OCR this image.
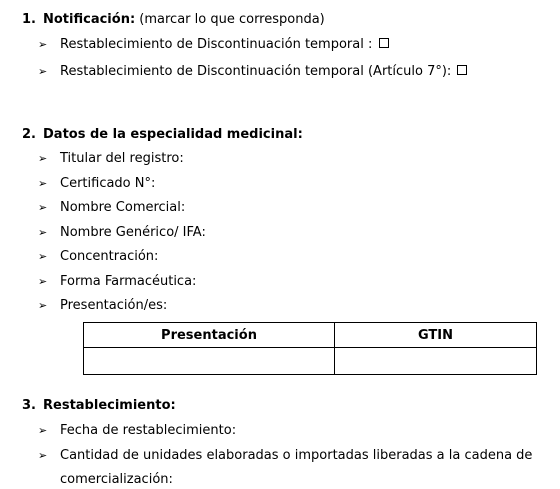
1. Notificación: (marcar lo que corresponda)
➢ Restablecimiento de Discontinuación temporal :
➢ Restablecimiento de Discontinuación temporal (Artículo 7°):
2. Datos de la especialidad medicinal:
➢ Titular del registro:
➢ Certificado N°:
➢ Nombre Comercial:
➢ Nombre Genérico/ IFA:
➢ Concentración:
➢ Forma Farmacéutica:
➢ Presentación/es:
Presentación	GTIN

3. Restablecimiento:
➢ Fecha de restablecimiento:
➢ Cantidad de unidades elaboradas o importadas liberadas a la cadena de
comercialización:
